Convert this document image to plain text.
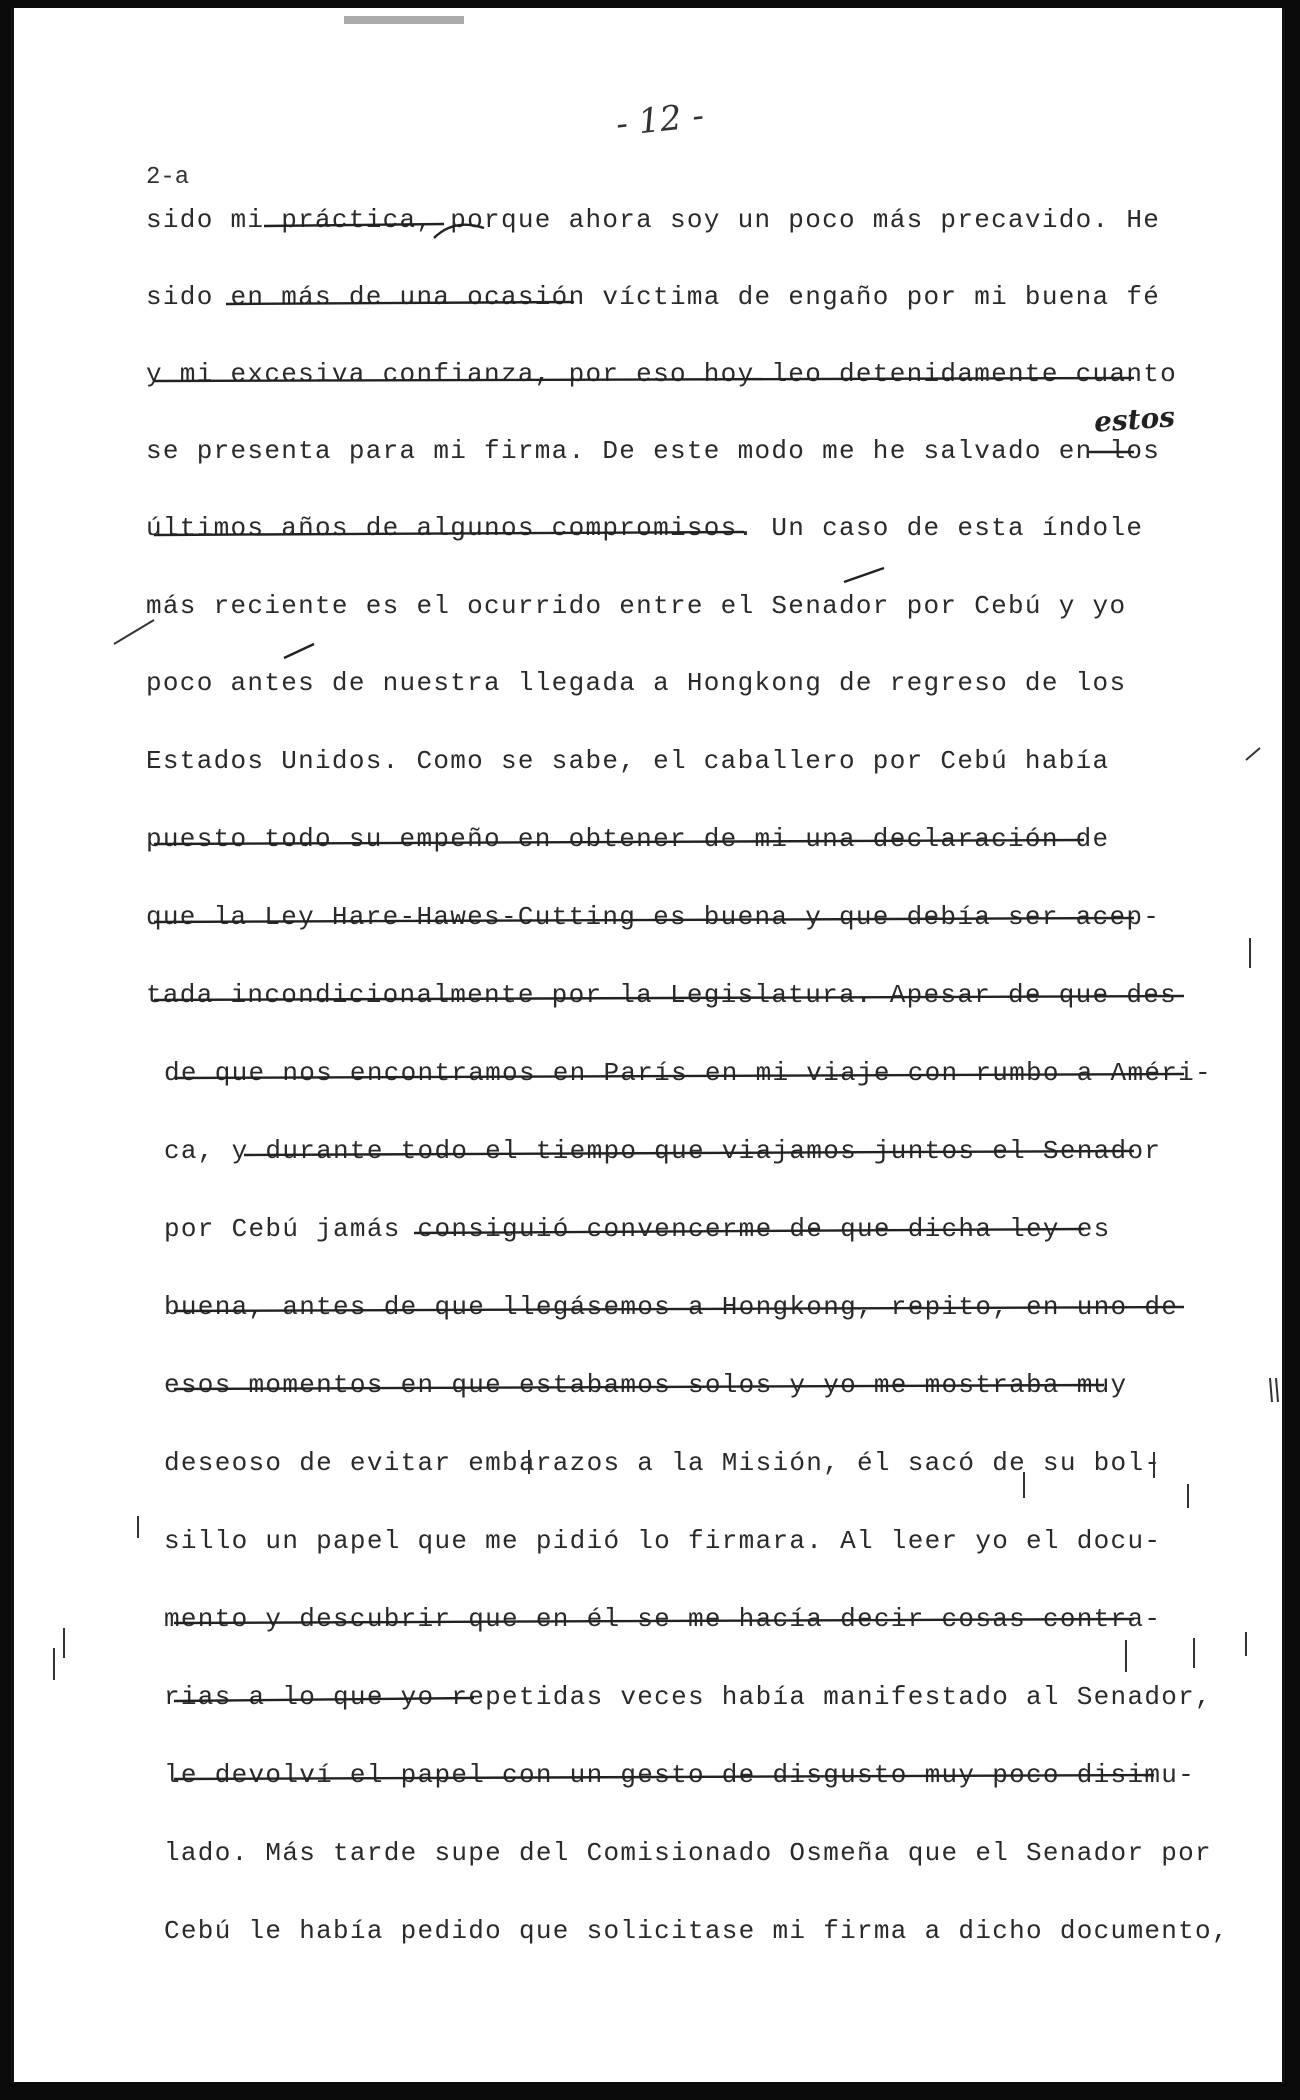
- 12 -
2-a
estos
sido mi práctica, porque ahora soy un poco más precavido. He
sido en más de una ocasión víctima de engaño por mi buena fé
y mi excesiva confianza, por eso hoy leo detenidamente cuanto
se presenta para mi firma. De este modo me he salvado en los
últimos años de algunos compromisos. Un caso de esta índole
más reciente es el ocurrido entre el Senador por Cebú y yo
poco antes de nuestra llegada a Hongkong de regreso de los
Estados Unidos. Como se sabe, el caballero por Cebú había
puesto todo su empeño en obtener de mi una declaración de
que la Ley Hare-Hawes-Cutting es buena y que debía ser acep-
tada incondicionalmente por la Legislatura. Apesar de que des
de que nos encontramos en París en mi viaje con rumbo a Améri-
ca, y durante todo el tiempo que viajamos juntos el Senador
por Cebú jamás consiguió convencerme de que dicha ley es
buena, antes de que llegásemos a Hongkong, repito, en uno de
esos momentos en que estabamos solos y yo me mostraba muy
deseoso de evitar embarazos a la Misión, él sacó de su bol-
sillo un papel que me pidió lo firmara. Al leer yo el docu-
mento y descubrir que en él se me hacía decir cosas contra-
rias a lo que yo repetidas veces había manifestado al Senador,
le devolví el papel con un gesto de disgusto muy poco disimu-
lado. Más tarde supe del Comisionado Osmeña que el Senador por
Cebú le había pedido que solicitase mi firma a dicho documento,
